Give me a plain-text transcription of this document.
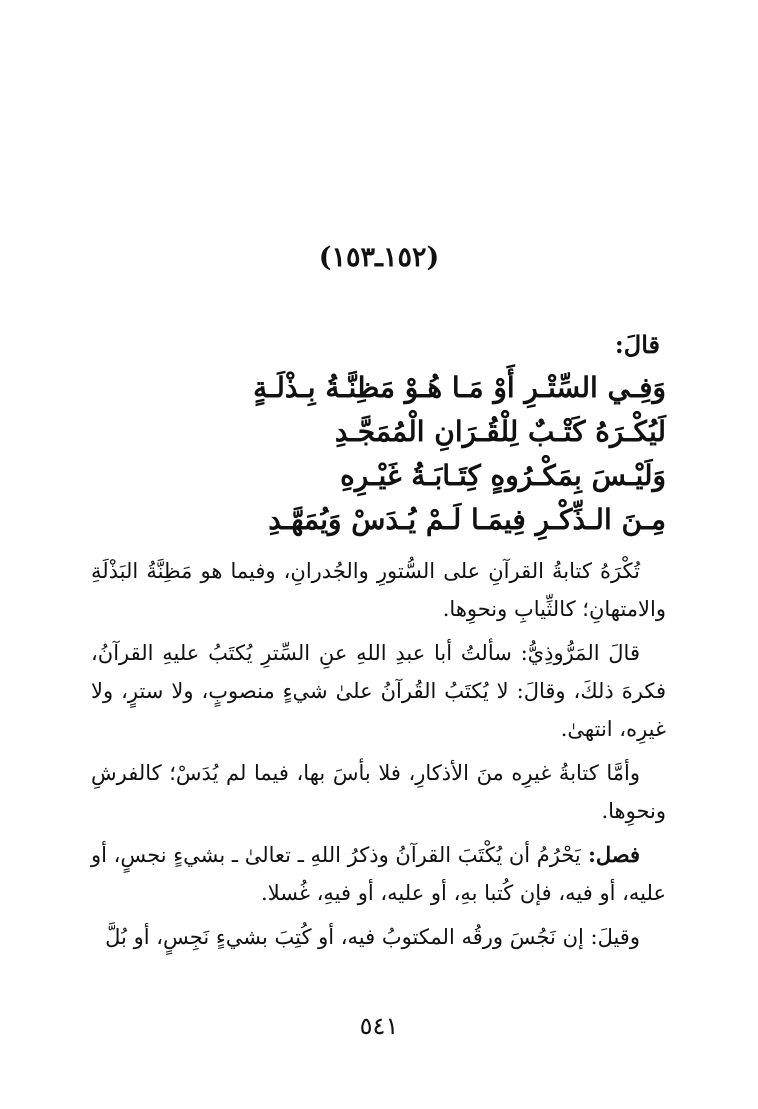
(١٥٢ـ١٥٣)
قالَ:
وَفِـي السِّتْـرِ أَوْ مَـا هُـوْ مَظِنَّـةُ بِـذْلَـةٍ
لَيُكْـرَهُ كَتْـبٌ لِلْقُـرَانِ الْمُمَجَّـدِ
وَلَيْـسَ بِمَكْـرُوهٍ كِتَـابَـةُ غَيْـرِهِ
مِـنَ الـذِّكْـرِ فِيمَـا لَـمْ يُـدَسْ وَيُمَهَّـدِ

تُكْرَهُ كتابةُ القرآنِ على السُّتورِ والجُدرانِ، وفيما هو مَظِنَّةُ البَذْلَةِ والامتهانِ؛ كالثِّيابِ ونحوِها.

قالَ المَرُّوذِيُّ: سألتُ أبا عبدِ اللهِ عنِ السِّترِ يُكتَبُ عليهِ القرآنُ، فكرهَ ذلكَ، وقالَ: لا يُكتَبُ القُرآنُ علىٰ شيءٍ منصوبٍ، ولا سترٍ، ولا غيرِه، انتهىٰ.

وأمَّا كتابةُ غيرِه منَ الأذكارِ، فلا بأسَ بها، فيما لم يُدَسْ؛ كالفرشِ ونحوِها.

فصل: يَحْرُمُ أن يُكْتَبَ القرآنُ وذكرُ اللهِ ـ تعالىٰ ـ بشيءٍ نجسٍ، أو عليه، أو فيه، فإن كُتبا بهِ، أو عليه، أو فيهِ، غُسلا.

وقيلَ: إن نَجُسَ ورقُه المكتوبُ فيه، أو كُتِبَ بشيءٍ نَجِسٍ، أو بُلَّ

٥٤١
